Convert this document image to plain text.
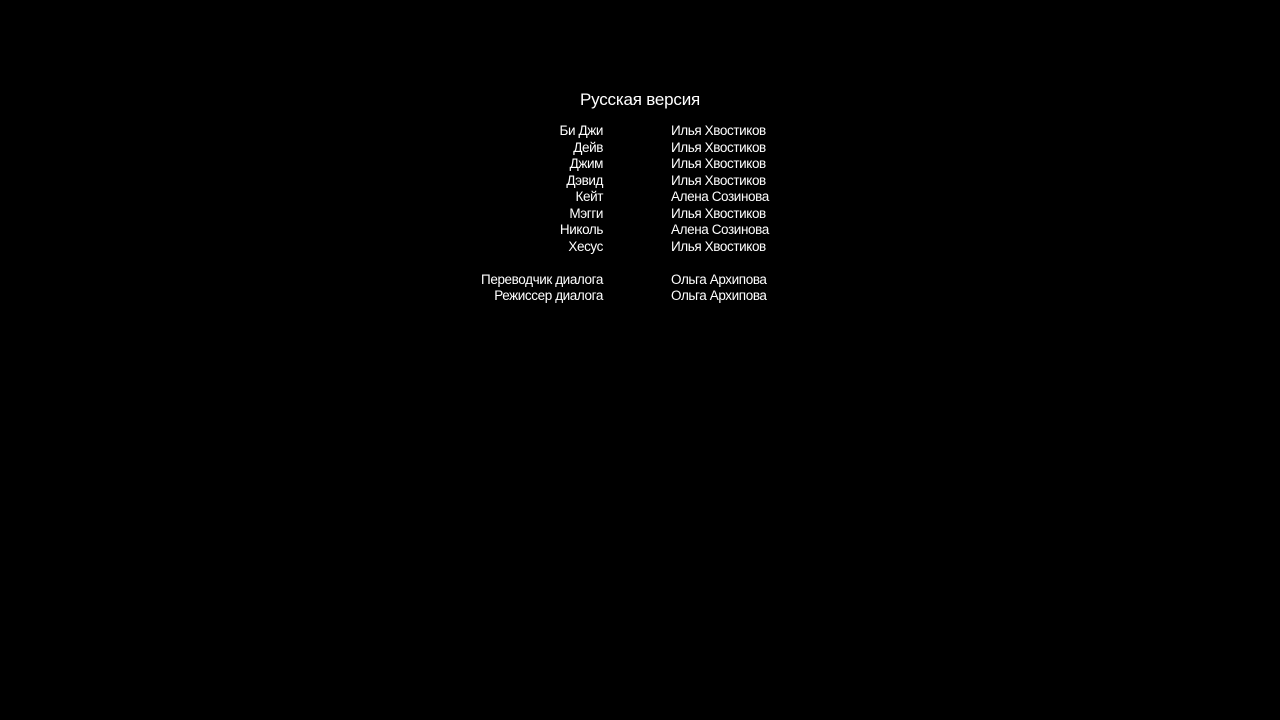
Русская версия
Би Джи	Илья Хвостиков
Дейв	Илья Хвостиков
Джим	Илья Хвостиков
Дэвид	Илья Хвостиков
Кейт	Алена Созинова
Мэгги	Илья Хвостиков
Николь	Алена Созинова
Хесус	Илья Хвостиков
Переводчик диалога	Ольга Архипова
Режиссер диалога	Ольга Архипова
